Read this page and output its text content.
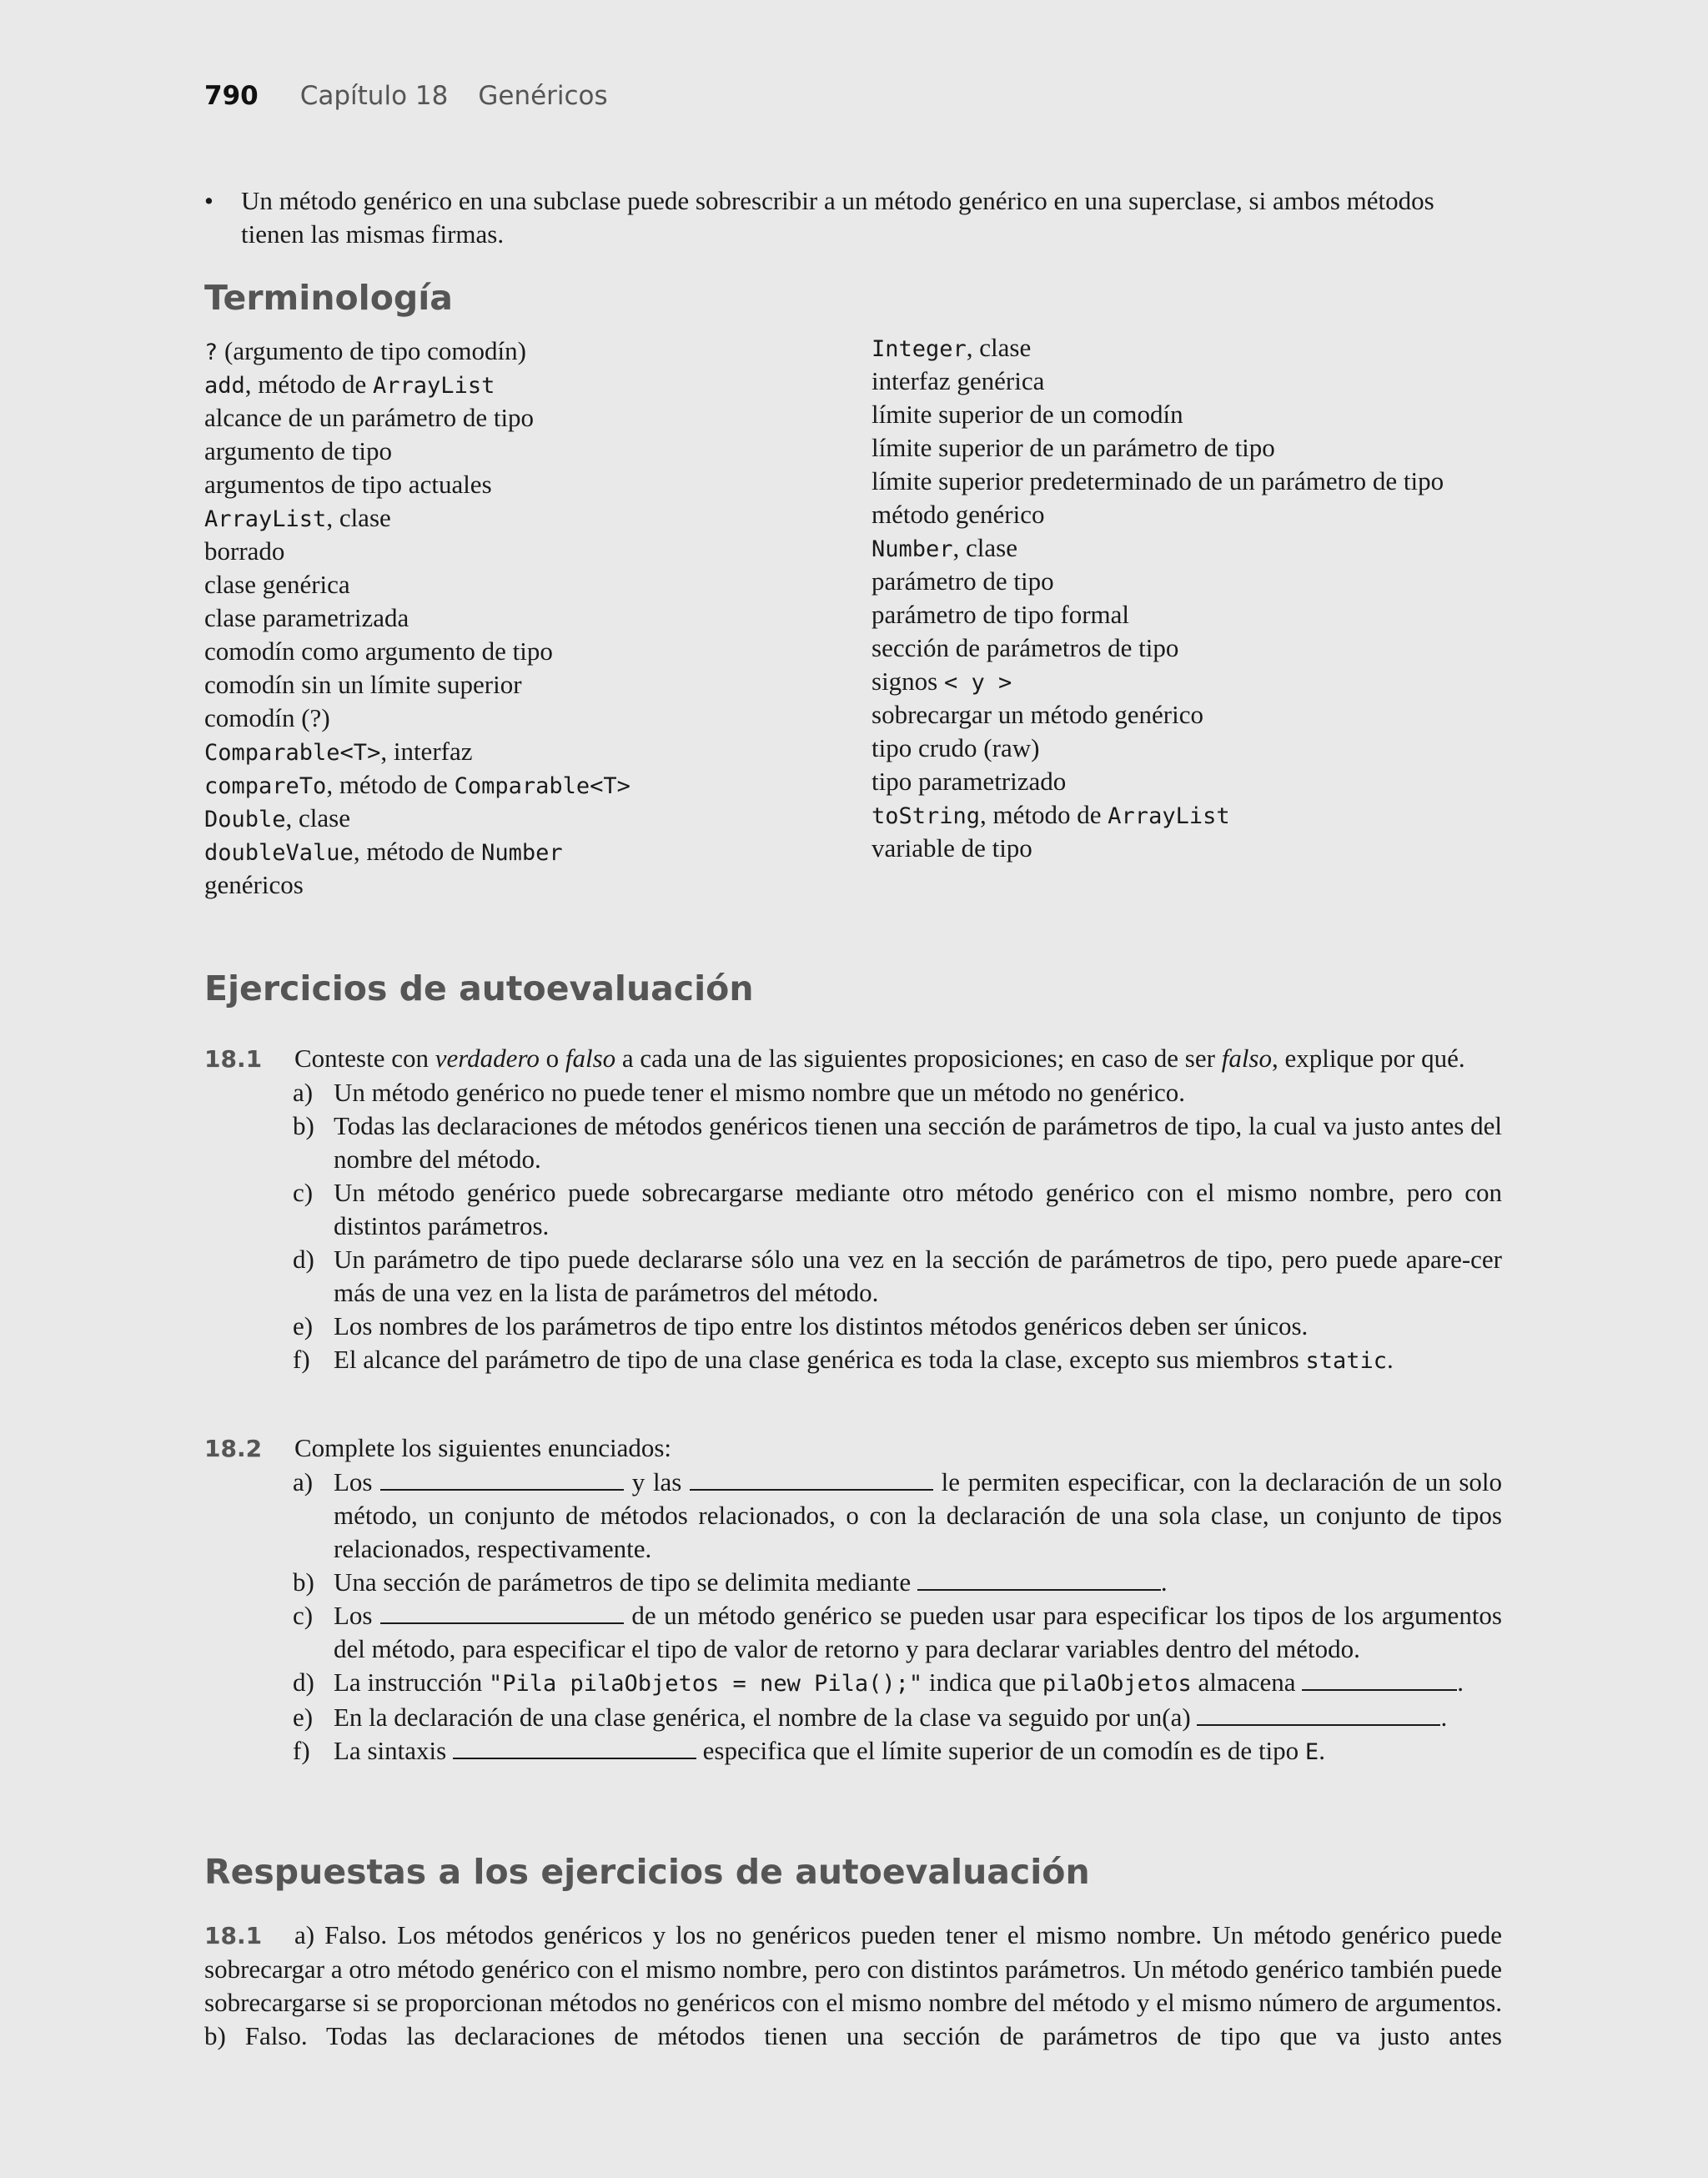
790 Capítulo 18 Genéricos
• Un método genérico en una subclase puede sobrescribir a un método genérico en una superclase, si ambos métodos tienen las mismas firmas.
Terminología
? (argumento de tipo comodín)
add, método de ArrayList
alcance de un parámetro de tipo
argumento de tipo
argumentos de tipo actuales
ArrayList, clase
borrado
clase genérica
clase parametrizada
comodín como argumento de tipo
comodín sin un límite superior
comodín (?)
Comparable<T>, interfaz
compareTo, método de Comparable<T>
Double, clase
doubleValue, método de Number
genéricos
Integer, clase
interfaz genérica
límite superior de un comodín
límite superior de un parámetro de tipo
límite superior predeterminado de un parámetro de tipo
método genérico
Number, clase
parámetro de tipo
parámetro de tipo formal
sección de parámetros de tipo
signos < y >
sobrecargar un método genérico
tipo crudo (raw)
tipo parametrizado
toString, método de ArrayList
variable de tipo
Ejercicios de autoevaluación

18.1 Conteste con verdadero o falso a cada una de las siguientes proposiciones; en caso de ser falso, explique por qué.

a) Un método genérico no puede tener el mismo nombre que un método no genérico.
b) Todas las declaraciones de métodos genéricos tienen una sección de parámetros de tipo, la cual va justo antes del nombre del método.
c) Un método genérico puede sobrecargarse mediante otro método genérico con el mismo nombre, pero con distintos parámetros.
d) Un parámetro de tipo puede declararse sólo una vez en la sección de parámetros de tipo, pero puede apare-cer más de una vez en la lista de parámetros del método.
e) Los nombres de los parámetros de tipo entre los distintos métodos genéricos deben ser únicos.
f) El alcance del parámetro de tipo de una clase genérica es toda la clase, excepto sus miembros static.

18.2 Complete los siguientes enunciados:

a) Los	y las	le permiten especificar, con la declaración de un solo método, un conjunto de métodos relacionados, o con la declaración de una sola clase, un conjunto de tipos relacionados, respectivamente.
b) Una sección de parámetros de tipo se delimita mediante	.
c) Los	de un método genérico se pueden usar para especificar los tipos de los argumentos del método, para especificar el tipo de valor de retorno y para declarar variables dentro del método.
d) La instrucción "Pila pilaObjetos = new Pila();" indica que pilaObjetos almacena	.
e) En la declaración de una clase genérica, el nombre de la clase va seguido por un(a)	.
f) La sintaxis	especifica que el límite superior de un comodín es de tipo E.
Respuestas a los ejercicios de autoevaluación

18.1 a) Falso. Los métodos genéricos y los no genéricos pueden tener el mismo nombre. Un método genérico puede sobrecargar a otro método genérico con el mismo nombre, pero con distintos parámetros. Un método genérico también puede sobrecargarse si se proporcionan métodos no genéricos con el mismo nombre del método y el mismo número de argumentos. b) Falso. Todas las declaraciones de métodos tienen una sección de parámetros de tipo que va justo antes
